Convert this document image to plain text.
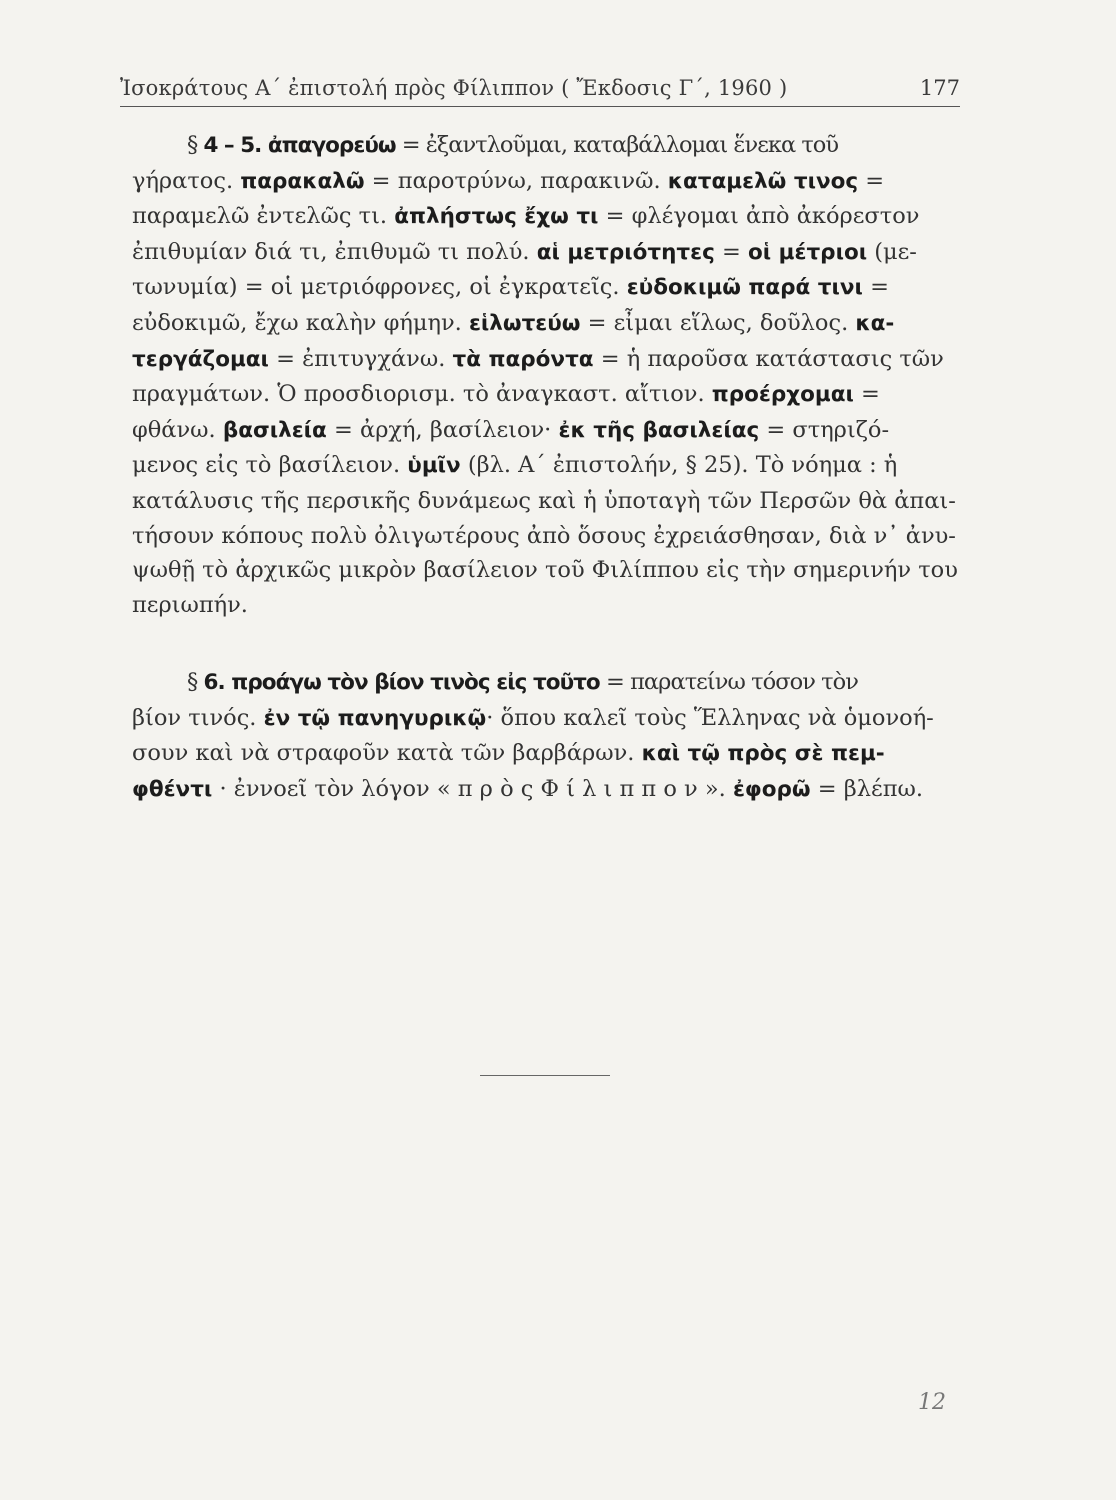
Ἰσοκράτους Α΄ ἐπιστολή πρὸς Φίλιππον ( Ἔκδοσις Γ΄, 1960 )	177
§ 4 – 5. ἀπαγορεύω = ἐξαντλοῦμαι, καταβάλλομαι ἕνεκα τοῦ
γήρατος. παρακαλῶ = παροτρύνω, παρακινῶ. καταμελῶ τινος =
παραμελῶ ἐντελῶς τι. ἀπλήστως ἔχω τι = φλέγομαι ἀπὸ ἀκόρεστον
ἐπιθυμίαν διά τι, ἐπιθυμῶ τι πολύ. αἱ μετριότητες = οἱ μέτριοι (με-
τωνυμία) = οἱ μετριόφρονες, οἱ ἐγκρατεῖς. εὐδοκιμῶ παρά τινι =
εὐδοκιμῶ, ἔχω καλὴν φήμην. εἱλωτεύω = εἶμαι εἵλως, δοῦλος. κα-
τεργάζομαι = ἐπιτυγχάνω. τὰ παρόντα = ἡ παροῦσα κατάστασις τῶν
πραγμάτων. Ὁ προσδιορισμ. τὸ ἀναγκαστ. αἴτιον. προέρχομαι =
φθάνω. βασιλεία = ἀρχή, βασίλειον· ἐκ τῆς βασιλείας = στηριζό-
μενος εἰς τὸ βασίλειον. ὑμῖν (βλ. Α΄ ἐπιστολήν, § 25). Τὸ νόημα : ἡ
κατάλυσις τῆς περσικῆς δυνάμεως καὶ ἡ ὑποταγὴ τῶν Περσῶν θὰ ἀπαι-
τήσουν κόπους πολὺ ὀλιγωτέρους ἀπὸ ὅσους ἐχρειάσθησαν, διὰ ν᾿ ἀνυ-
ψωθῇ τὸ ἀρχικῶς μικρὸν βασίλειον τοῦ Φιλίππου εἰς τὴν σημερινήν του
περιωπήν.
§ 6. προάγω τὸν βίον τινὸς εἰς τοῦτο = παρατείνω τόσον τὸν
βίον τινός. ἐν τῷ πανηγυρικῷ· ὅπου καλεῖ τοὺς Ἕλληνας νὰ ὁμονοή-
σουν καὶ νὰ στραφοῦν κατὰ τῶν βαρβάρων. καὶ τῷ πρὸς σὲ πεμ-
φθέντι · ἐννοεῖ τὸν λόγον « π ρ ὸ ς Φ ί λ ι π π ο ν ». ἐφορῶ = βλέπω.
12
